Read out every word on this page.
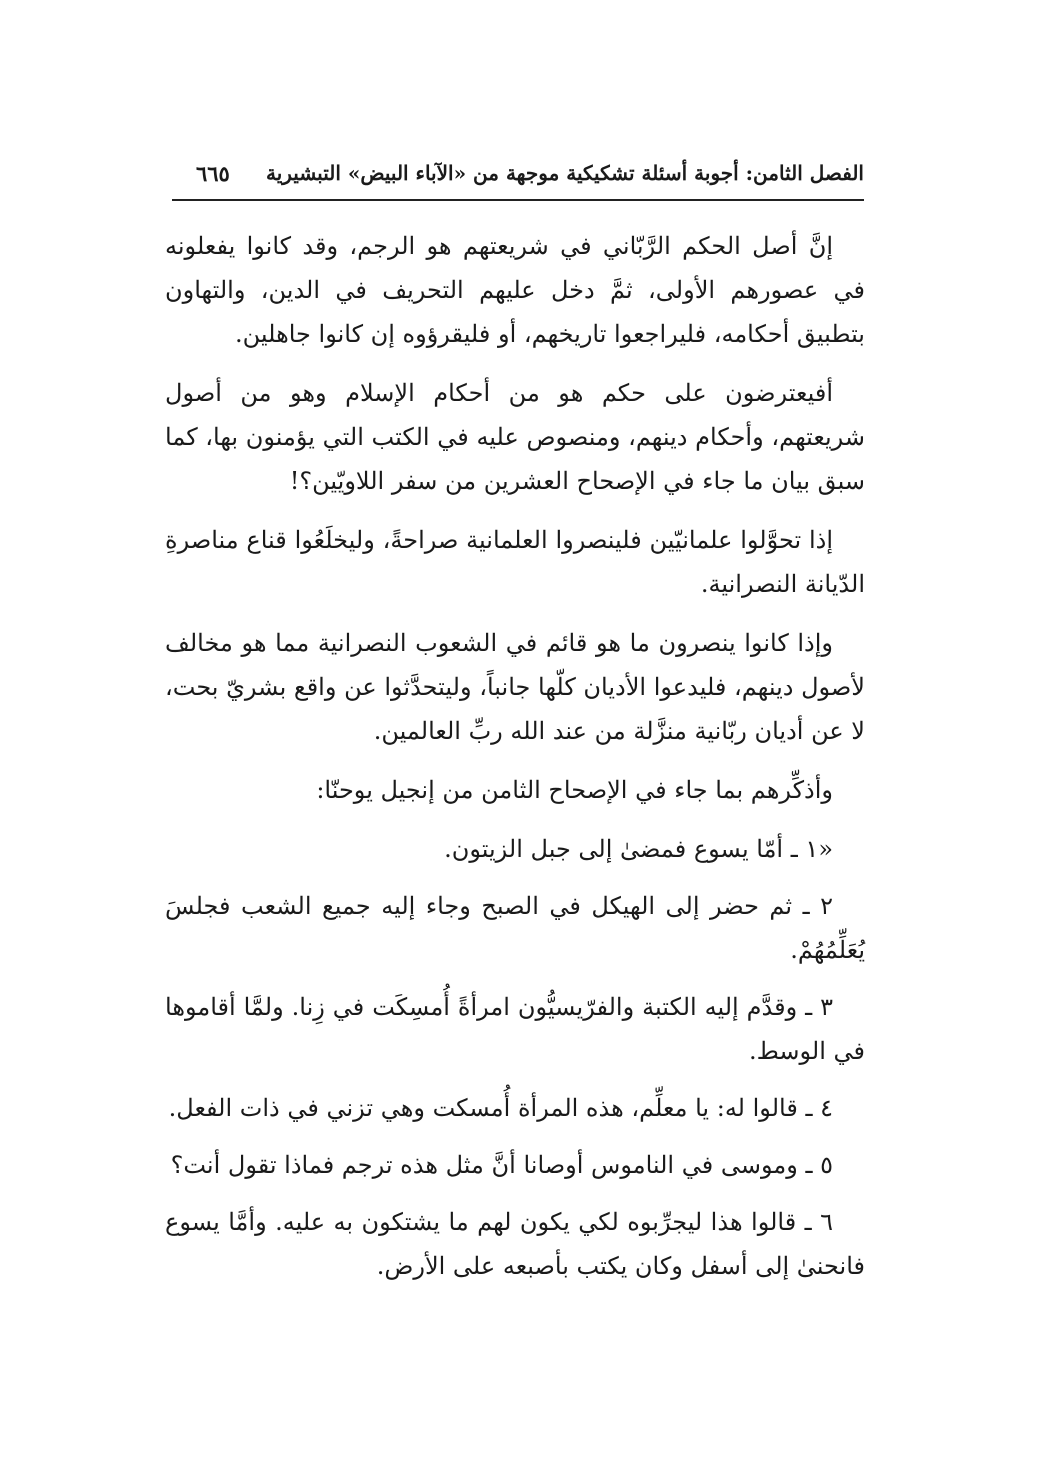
الفصل الثامن: أجوبة أسئلة تشكيكية موجهة من «الآباء البيض» التبشيرية
٦٦٥

إنَّ أصل الحكم الرَّبّاني في شريعتهم هو الرجم، وقد كانوا يفعلونه في عصورهم الأولى، ثمَّ دخل عليهم التحريف في الدين، والتهاون بتطبيق أحكامه، فليراجعوا تاريخهم، أو فليقرؤوه إن كانوا جاهلين.

أفيعترضون على حكم هو من أحكام الإسلام وهو من أصول شريعتهم، وأحكام دينهم، ومنصوص عليه في الكتب التي يؤمنون بها، كما سبق بيان ما جاء في الإصحاح العشرين من سفر اللاويّين؟!

إذا تحوَّلوا علمانيّين فلينصروا العلمانية صراحةً، وليخلَعُوا قناع مناصرةِ الدّيانة النصرانية.

وإذا كانوا ينصرون ما هو قائم في الشعوب النصرانية مما هو مخالف لأصول دينهم، فليدعوا الأديان كلّها جانباً، وليتحدَّثوا عن واقع بشريّ بحت، لا عن أديان ربّانية منزَّلة من عند الله ربِّ العالمين.

وأذكِّرهم بما جاء في الإصحاح الثامن من إنجيل يوحنّا:

«١ ـ أمّا يسوع فمضىٰ إلى جبل الزيتون.

٢ ـ ثم حضر إلى الهيكل في الصبح وجاء إليه جميع الشعب فجلسَ يُعَلِّمُهُمْ.

٣ ـ وقدَّم إليه الكتبة والفرّيسيُّون امرأةً أُمسِكَت في زِنا. ولمَّا أقاموها في الوسط.

٤ ـ قالوا له: يا معلِّم، هذه المرأة أُمسكت وهي تزني في ذات الفعل.

٥ ـ وموسى في الناموس أوصانا أنَّ مثل هذه ترجم فماذا تقول أنت؟

٦ ـ قالوا هذا ليجرِّبوه لكي يكون لهم ما يشتكون به عليه. وأمَّا يسوع فانحنىٰ إلى أسفل وكان يكتب بأصبعه على الأرض.
